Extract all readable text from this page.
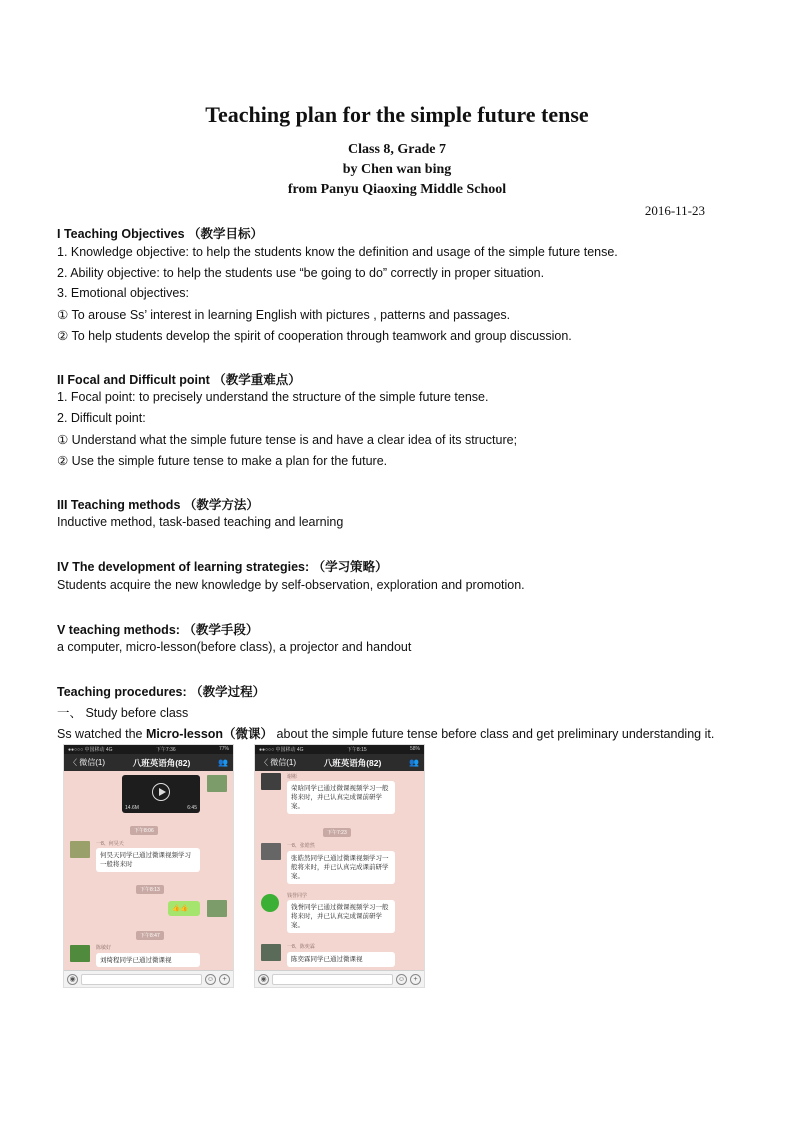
Teaching plan for the simple future tense
Class 8, Grade 7
by Chen wan bing
from Panyu Qiaoxing Middle School
2016-11-23
I Teaching Objectives （教学目标）
1. Knowledge objective: to help the students know the definition and usage of the simple future tense.
2. Ability objective: to help the students use “be going to do” correctly in proper situation.
3. Emotional objectives:
① To arouse Ss’ interest in learning English with pictures , patterns and passages.
② To help students develop the spirit of cooperation through teamwork and group discussion.
II Focal and Difficult point （教学重难点）
1. Focal point: to precisely understand the structure of the simple future tense.
2. Difficult point:
① Understand what the simple future tense is and have a clear idea of its structure;
② Use the simple future tense to make a plan for the future.
III Teaching methods （教学方法）
Inductive method, task-based teaching and learning
IV The development of learning strategies: （学习策略）
Students acquire the new knowledge by self-observation, exploration and promotion.
V teaching methods: （教学手段）
a computer, micro-lesson(before class), a projector and handout
Teaching procedures: （教学过程）
一、 Study before class
Ss watched the Micro-lesson（微课） about the simple future tense before class and get preliminary understanding it.
●●○○○ 中国移动 4G	下午7:36	77%
〈 微信(1)	八班英语角(82)	👥
14.6M	6:45
下午8:06
一8、何昊天
何昊天同学已通过微课视频学习一般将来时
下午8:13
👍👍
下午8:47
陈敏好
刘绮程同学已通过微课视
◉	☺	+
●●○○○ 中国移动 4G	下午8:15	58%
〈 微信(1)	八班英语角(82)	👥
谢彬
荣晗同学已通过微课视频学习一般将来时，并已认真完成课前研学案。
下午7:23
一8、张皓然
张皓然同学已通过微课视频学习一般将来时，并已认真完成课前研学案。
钱誉同学
钱誉同学已通过微课视频学习一般将来时，并已认真完成课前研学案。
一8、陈奕霖
陈奕霖同学已通过微课视
◉	☺	+
